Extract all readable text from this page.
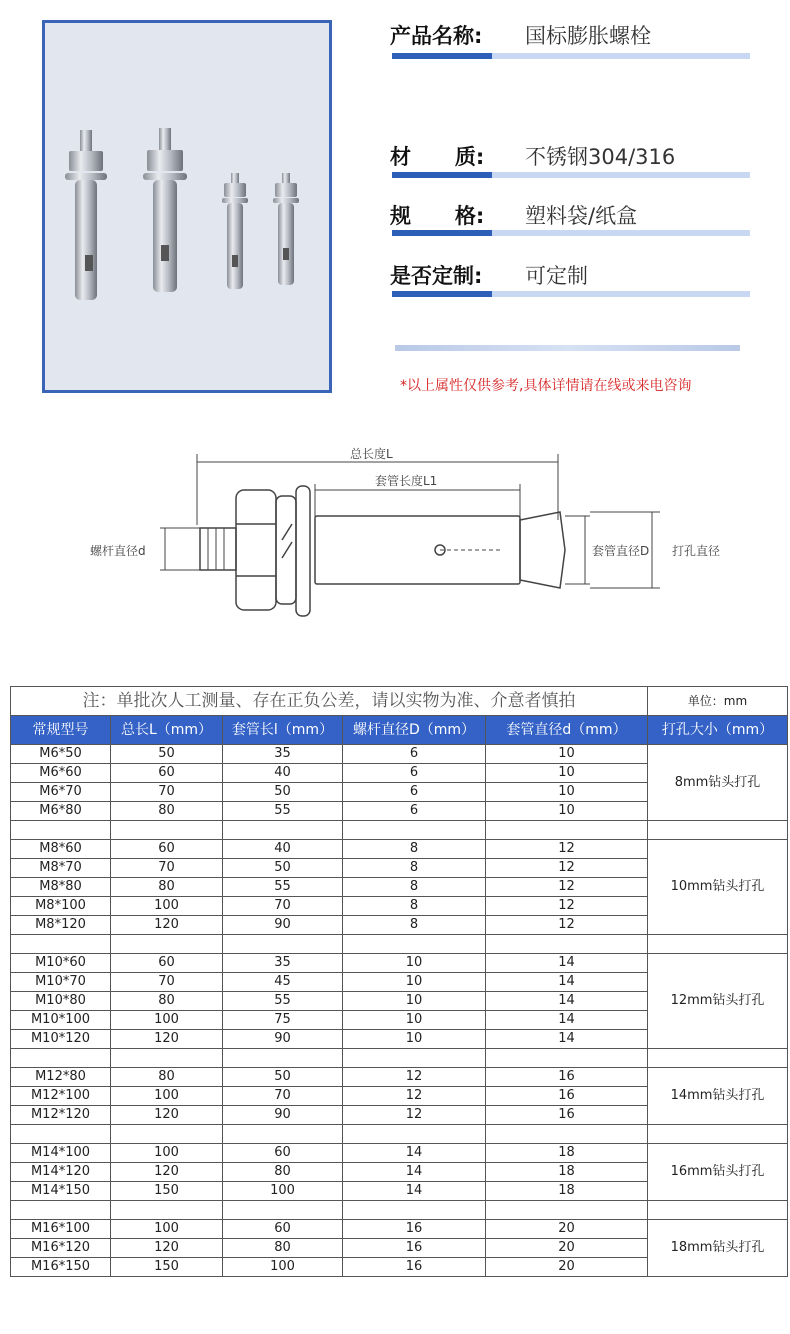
产品名称: 国标膨胀螺栓
材      质: 不锈钢304/316
规      格: 塑料袋/纸盒
是否定制: 可定制
*以上属性仅供参考,具体详情请在线或来电咨询
总长度L
套管长度L1
螺杆直径d	套管直径D 打孔直径
注：单批次人工测量、存在正负公差，请以实物为准、介意者慎拍					单位：mm
常规型号	总长L（mm）	套管长l（mm）	螺杆直径D（mm）	套管直径d（mm）	打孔大小（mm）
M6*50	50	35	6	10	8mm钻头打孔
M6*60	60	40	6	10	
M6*70	70	50	6	10	
M6*80	80	55	6	10	

M8*60	60	40	8	12	10mm钻头打孔
M8*70	70	50	8	12	
M8*80	80	55	8	12	
M8*100	100	70	8	12	
M8*120	120	90	8	12	

M10*60	60	35	10	14	12mm钻头打孔
M10*70	70	45	10	14	
M10*80	80	55	10	14	
M10*100	100	75	10	14	
M10*120	120	90	10	14	

M12*80	80	50	12	16	14mm钻头打孔
M12*100	100	70	12	16	
M12*120	120	90	12	16	

M14*100	100	60	14	18	16mm钻头打孔
M14*120	120	80	14	18	
M14*150	150	100	14	18	

M16*100	100	60	16	20	18mm钻头打孔
M16*120	120	80	16	20	
M16*150	150	100	16	20	
